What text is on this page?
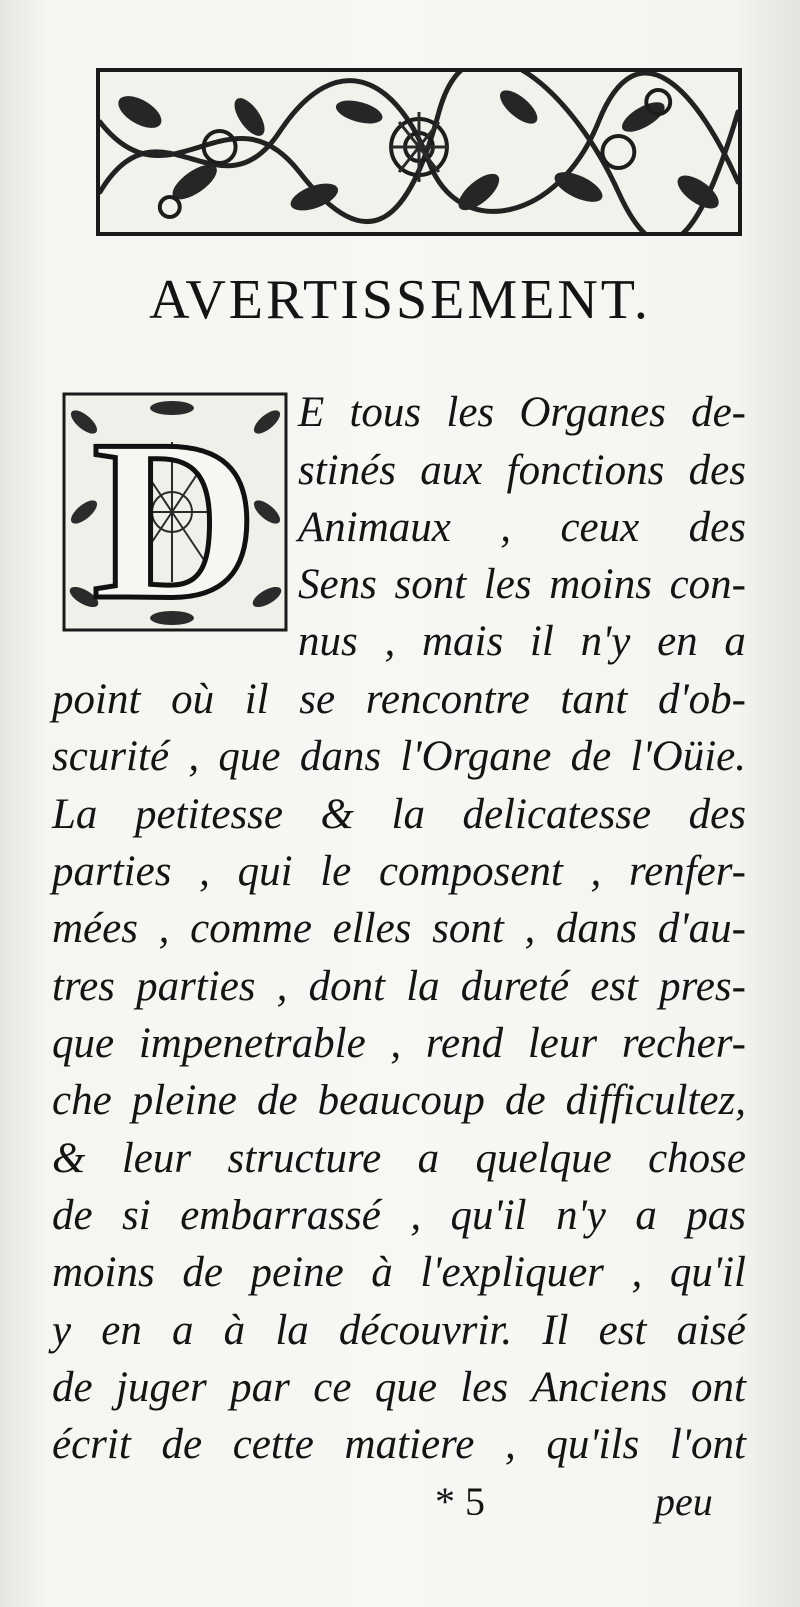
AVERTISSEMENT.
D E tous les Organes de-
stinés aux fonctions des
Animaux , ceux des
Sens sont les moins con-
nus , mais il n'y en a
point où il se rencontre tant d'ob-
scurité , que dans l'Organe de l'Oüie.
La petitesse & la delicatesse des
parties , qui le composent , renfer-
mées , comme elles sont , dans d'au-
tres parties , dont la dureté est pres-
que impenetrable , rend leur recher-
che pleine de beaucoup de difficultez,
& leur structure a quelque chose
de si embarrassé , qu'il n'y a pas
moins de peine à l'expliquer , qu'il
y en a à la découvrir. Il est aisé
de juger par ce que les Anciens ont
écrit de cette matiere , qu'ils l'ont
* 5	peu
